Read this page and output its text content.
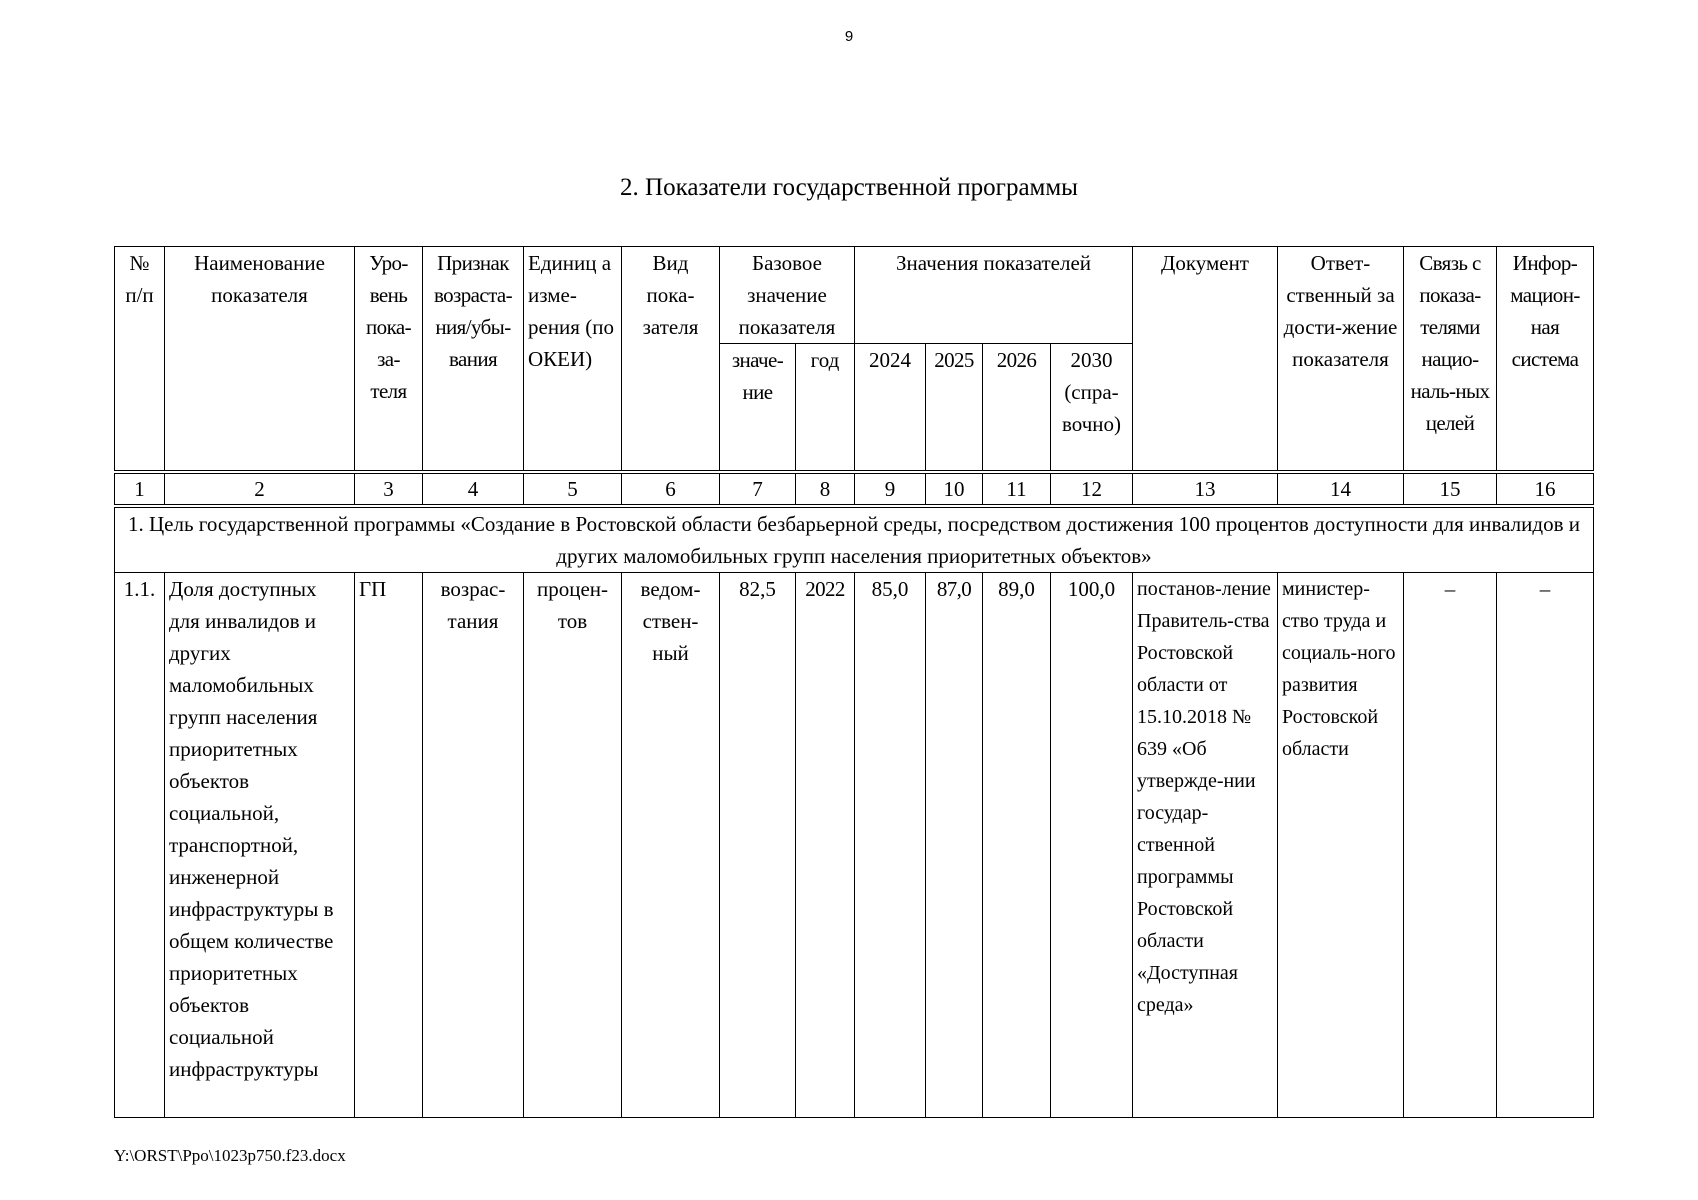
9
2. Показатели государственной программы
№ п/п	Наименование показателя	Уро-вень пока-за-теля	Признак возраста-ния/убы-вания	Единиц а изме-рения (по ОКЕИ)	Вид пока-зателя	Базовое значение показателя		Значения показателей				Документ	Ответ-ственный за дости-жение показателя	Связь с показа-телями нацио-наль-ных целей	Инфор-мацион-ная система
						значе-ние	год	2024	2025	2026	2030 (спра-вочно)				
1	2	3	4	5	6	7	8	9	10	11	12	13	14	15	16
1. Цель государственной программы «Создание в Ростовской области безбарьерной среды, посредством достижения 100 процентов доступности для инвалидов и других маломобильных групп населения приоритетных объектов»															
1.1.	Доля доступных для инвалидов и других маломобильных групп населения приоритетных объектов социальной, транспортной, инженерной инфраструктуры в общем количестве приоритетных объектов социальной инфраструктуры	ГП	возрас-тания	процен-тов	ведом-ствен-ный	82,5	2022	85,0	87,0	89,0	100,0	постанов-ление Правитель-ства Ростовской области от 15.10.2018 № 639 «Об утвержде-нии государ-ственной программы Ростовской области «Доступная среда»	министер-ство труда и социаль-ного развития Ростовской области	–	–
Y:\ORST\Ppo\1023p750.f23.docx
